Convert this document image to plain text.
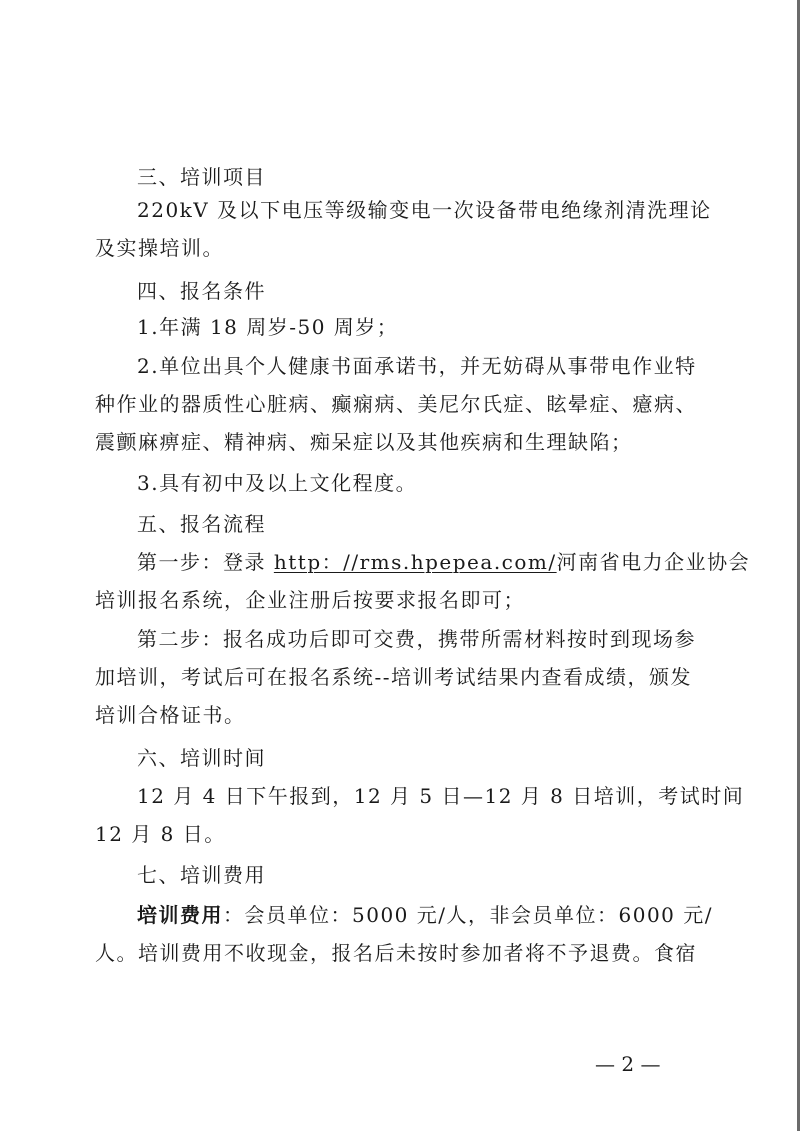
三、培训项目
220kV 及以下电压等级输变电一次设备带电绝缘剂清洗理论
及实操培训。
四、报名条件
1.年满 18 周岁-50 周岁；
2.单位出具个人健康书面承诺书，并无妨碍从事带电作业特
种作业的器质性心脏病、癫痫病、美尼尔氏症、眩晕症、癔病、
震颤麻痹症、精神病、痴呆症以及其他疾病和生理缺陷；
3.具有初中及以上文化程度。
五、报名流程
第一步：登录 http：//rms.hpepea.com/河南省电力企业协会
培训报名系统，企业注册后按要求报名即可；
第二步：报名成功后即可交费，携带所需材料按时到现场参
加培训，考试后可在报名系统--培训考试结果内查看成绩，颁发
培训合格证书。
六、培训时间
12 月 4 日下午报到，12 月 5 日—12 月 8 日培训，考试时间
12 月 8 日。
七、培训费用
培训费用：会员单位：5000 元/人，非会员单位：6000 元/
人。培训费用不收现金，报名后未按时参加者将不予退费。食宿
— 2 —
